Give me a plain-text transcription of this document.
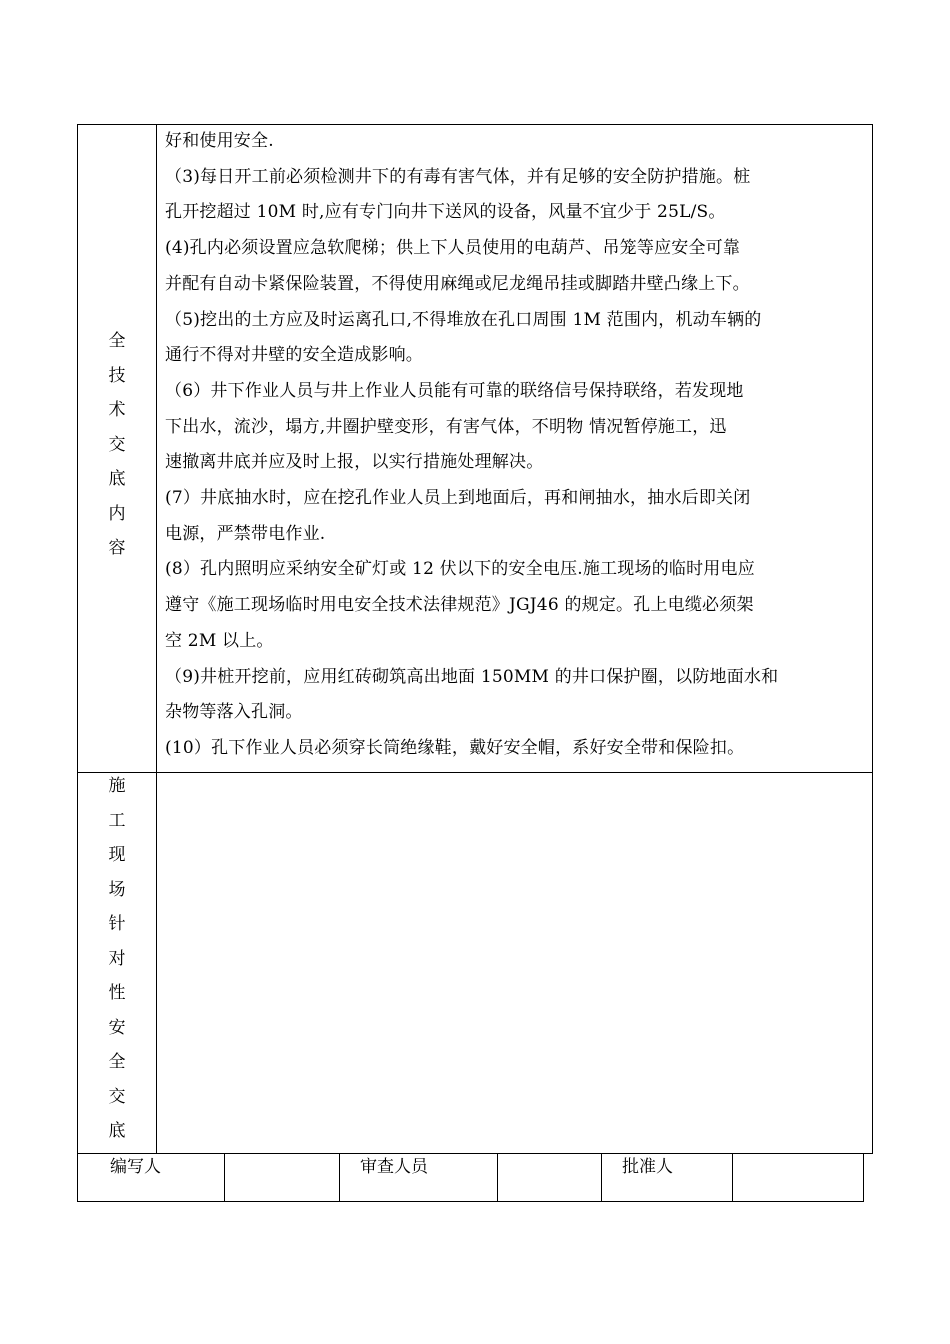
全
技
术
交
底
内
容

好和使用安全.

（3)每日开工前必须检测井下的有毒有害气体，并有足够的安全防护措施。桩

孔开挖超过 10M 时,应有专门向井下送风的设备，风量不宜少于 25L/S。

(4)孔内必须设置应急软爬梯；供上下人员使用的电葫芦、吊笼等应安全可靠

并配有自动卡紧保险装置，不得使用麻绳或尼龙绳吊挂或脚踏井壁凸缘上下。

（5)挖出的土方应及时运离孔口,不得堆放在孔口周围 1M 范围内，机动车辆的

通行不得对井壁的安全造成影响。

（6）井下作业人员与井上作业人员能有可靠的联络信号保持联络，若发现地

下出水，流沙，塌方,井圈护壁变形，有害气体，不明物 情况暂停施工，迅

速撤离井底并应及时上报，以实行措施处理解决。

(7）井底抽水时，应在挖孔作业人员上到地面后，再和闸抽水，抽水后即关闭

电源，严禁带电作业.

(8）孔内照明应采纳安全矿灯或 12 伏以下的安全电压.施工现场的临时用电应

遵守《施工现场临时用电安全技术法律规范》JGJ46 的规定。孔上电缆必须架

空 2M 以上。

（9)井桩开挖前，应用红砖砌筑高出地面 150MM 的井口保护圈，以防地面水和

杂物等落入孔洞。

(10）孔下作业人员必须穿长筒绝缘鞋，戴好安全帽，系好安全带和保险扣。

施
工
现
场
针
对
性
安
全
交
底
编写人	审查人员	批准人
